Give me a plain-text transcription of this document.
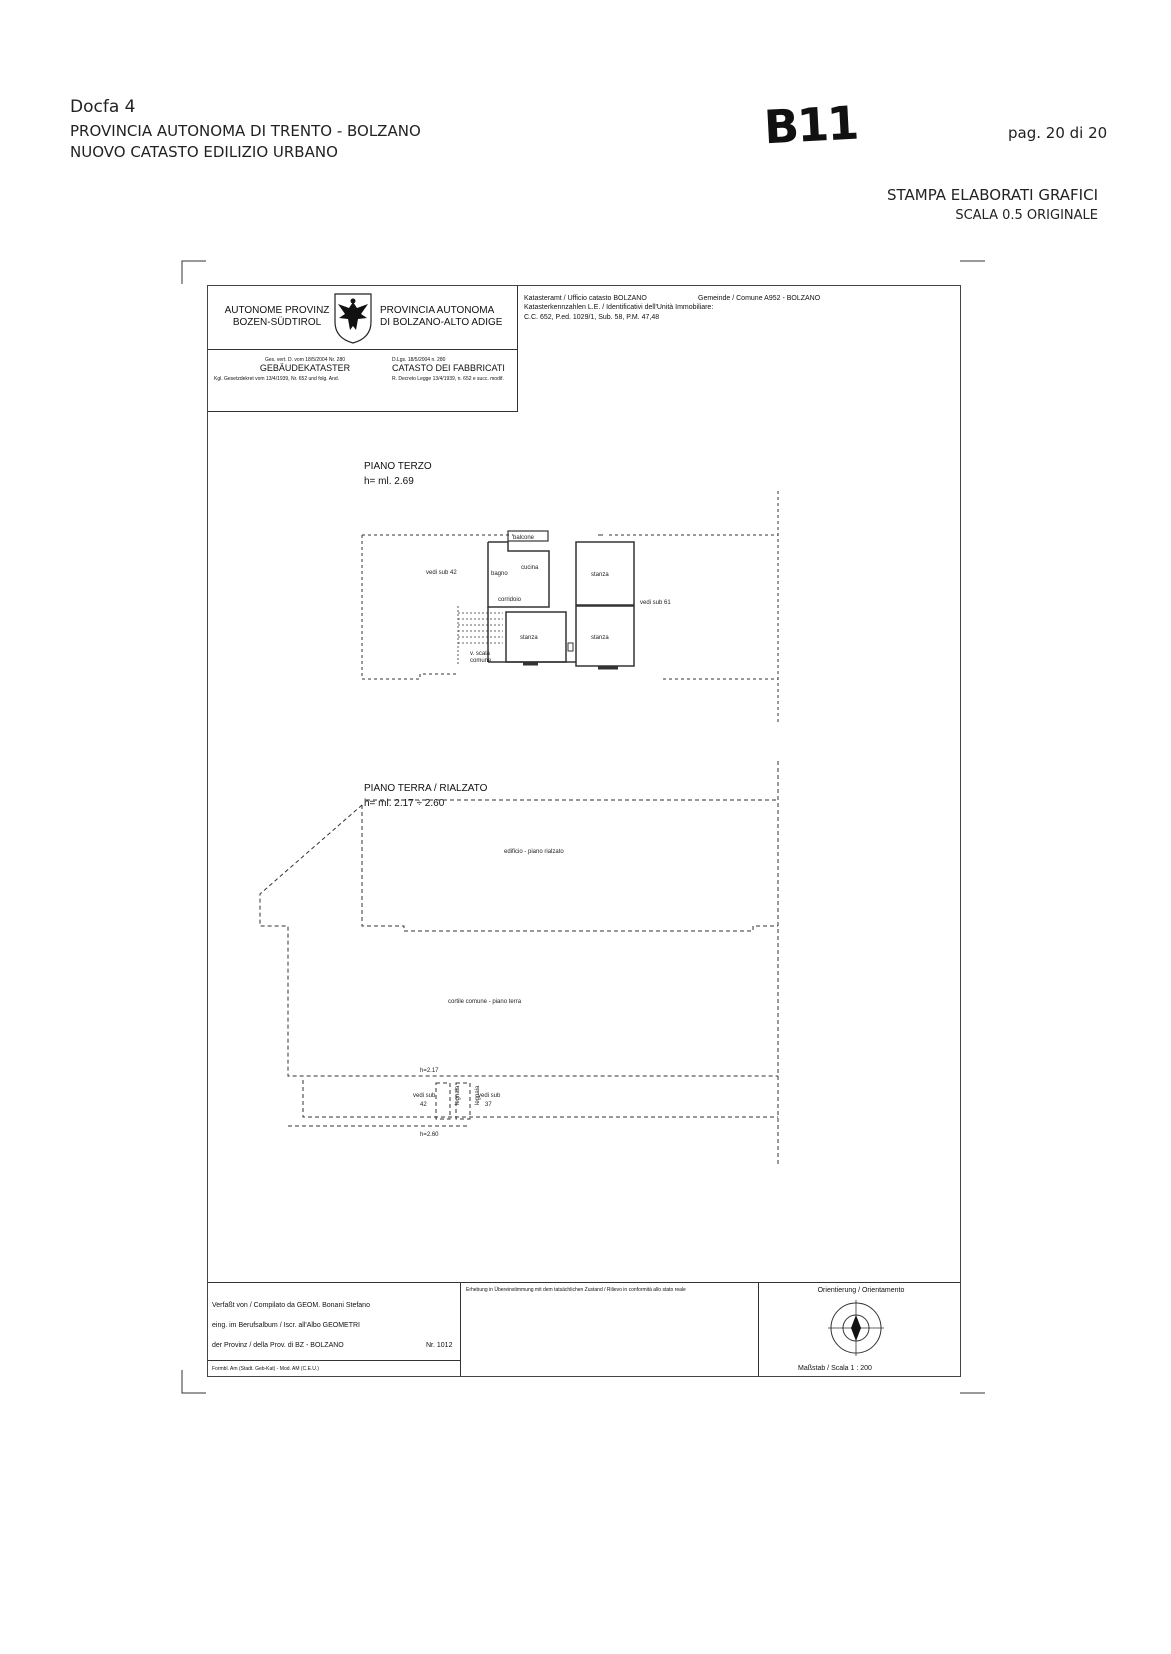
Docfa 4
PROVINCIA AUTONOMA DI TRENTO - BOLZANO
NUOVO CATASTO EDILIZIO URBANO	B11	pag. 20 di 20
STAMPA ELABORATI GRAFICI
SCALA 0.5 ORIGINALE
AUTONOME PROVINZ
BOZEN-SÜDTIROL
PROVINCIA AUTONOMA
DI BOLZANO-ALTO ADIGE
Ges. vert. D. vom 18/5/2004 Nr. 280
GEBÄUDEKATASTER
Kgl. Gesetzdekret vom 13/4/1939, Nr. 652 und folg. And.
D.Lgs. 18/5/2004 n. 280
CATASTO DEI FABBRICATI
R. Decreto Legge 13/4/1939, n. 652 e succ. modif.
Katasteramt / Ufficio catasto BOLZANO	Gemeinde / Comune A952 - BOLZANO
Katasterkennzahlen L.E. / Identificativi dell'Unità Immobiliare:
C.C. 652, P.ed. 1029/1, Sub. 58, P.M. 47,48
PIANO TERZO
h= ml. 2.69
PIANO TERRA / RIALZATO
h= ml. 2.17 ÷ 2.60
balcone
vedi sub 42	bagno
cucina
stanza
corridoio	vedi sub 61
stanza	stanza
v. scala
comune
edificio - piano rialzato
cortile comune - piano terra
h=2.17
h=2.60
vedi sub
42
vedi sub
37
legnaia legnaia
Verfaßt von / Compilato da GEOM. Bonani Stefano
eing. im Berufsalbum / Iscr. all'Albo GEOMETRI
der Provinz / della Prov. di BZ - BOLZANO	Nr. 1012
Formbl. Am (Stadt. Geb-Kat) - Mod. AM (C.E.U.)
Erhebung in Übereinstimmung mit dem tatsächlichen Zustand / Rilievo in conformità allo stato reale	Orientierung / Orientamento
Maßstab / Scala 1 : 200
